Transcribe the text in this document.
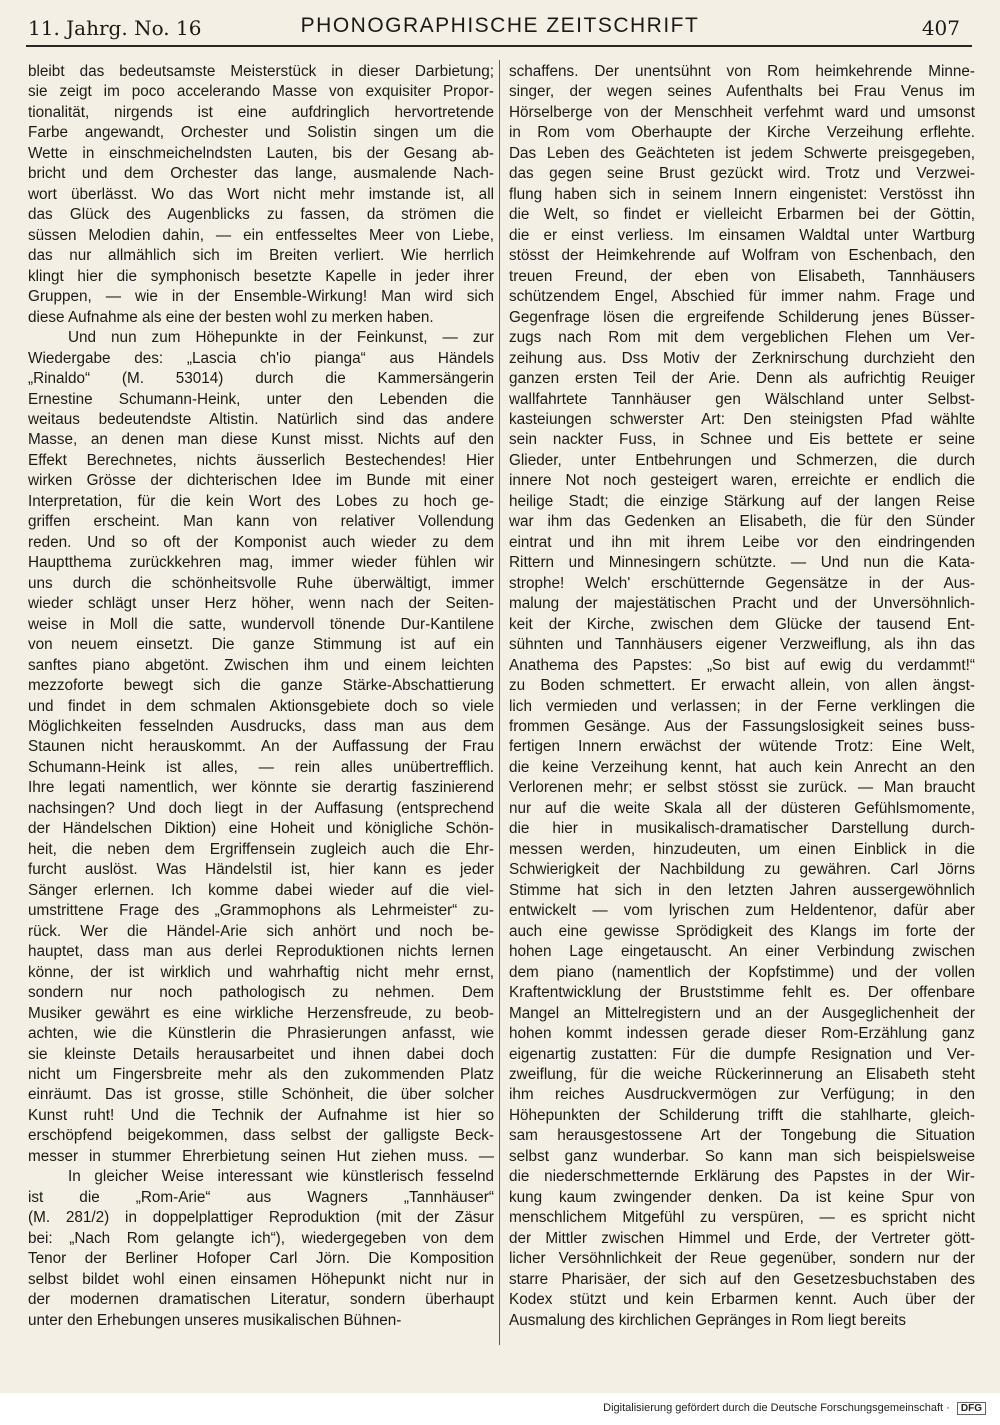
11. Jahrg. No. 16	PHONOGRAPHISCHE ZEITSCHRIFT	407
bleibt das bedeutsamste Meisterstück in dieser Darbietung;
sie zeigt im poco accelerando Masse von exquisiter Propor-
tionalität, nirgends ist eine aufdringlich hervortretende
Farbe angewandt, Orchester und Solistin singen um die
Wette in einschmeichelndsten Lauten, bis der Gesang ab-
bricht und dem Orchester das lange, ausmalende Nach-
wort überlässt. Wo das Wort nicht mehr imstande ist, all
das Glück des Augenblicks zu fassen, da strömen die
süssen Melodien dahin, — ein entfesseltes Meer von Liebe,
das nur allmählich sich im Breiten verliert. Wie herrlich
klingt hier die symphonisch besetzte Kapelle in jeder ihrer
Gruppen, — wie in der Ensemble-Wirkung! Man wird sich
diese Aufnahme als eine der besten wohl zu merken haben.
Und nun zum Höhepunkte in der Feinkunst, — zur
Wiedergabe des: „Lascia ch'io pianga“ aus Händels
„Rinaldo“ (M. 53014) durch die Kammersängerin
Ernestine Schumann-Heink, unter den Lebenden die
weitaus bedeutendste Altistin. Natürlich sind das andere
Masse, an denen man diese Kunst misst. Nichts auf den
Effekt Berechnetes, nichts äusserlich Bestechendes! Hier
wirken Grösse der dichterischen Idee im Bunde mit einer
Interpretation, für die kein Wort des Lobes zu hoch ge-
griffen erscheint. Man kann von relativer Vollendung
reden. Und so oft der Komponist auch wieder zu dem
Hauptthema zurückkehren mag, immer wieder fühlen wir
uns durch die schönheitsvolle Ruhe überwältigt, immer
wieder schlägt unser Herz höher, wenn nach der Seiten-
weise in Moll die satte, wundervoll tönende Dur-Kantilene
von neuem einsetzt. Die ganze Stimmung ist auf ein
sanftes piano abgetönt. Zwischen ihm und einem leichten
mezzoforte bewegt sich die ganze Stärke-Abschattierung
und findet in dem schmalen Aktionsgebiete doch so viele
Möglichkeiten fesselnden Ausdrucks, dass man aus dem
Staunen nicht herauskommt. An der Auffassung der Frau
Schumann-Heink ist alles, — rein alles unübertrefflich.
Ihre legati namentlich, wer könnte sie derartig faszinierend
nachsingen? Und doch liegt in der Auffasung (entsprechend
der Händelschen Diktion) eine Hoheit und königliche Schön-
heit, die neben dem Ergriffensein zugleich auch die Ehr-
furcht auslöst. Was Händelstil ist, hier kann es jeder
Sänger erlernen. Ich komme dabei wieder auf die viel-
umstrittene Frage des „Grammophons als Lehrmeister“ zu-
rück. Wer die Händel-Arie sich anhört und noch be-
hauptet, dass man aus derlei Reproduktionen nichts lernen
könne, der ist wirklich und wahrhaftig nicht mehr ernst,
sondern nur noch pathologisch zu nehmen. Dem
Musiker gewährt es eine wirkliche Herzensfreude, zu beob-
achten, wie die Künstlerin die Phrasierungen anfasst, wie
sie kleinste Details herausarbeitet und ihnen dabei doch
nicht um Fingersbreite mehr als den zukommenden Platz
einräumt. Das ist grosse, stille Schönheit, die über solcher
Kunst ruht! Und die Technik der Aufnahme ist hier so
erschöpfend beigekommen, dass selbst der galligste Beck-
messer in stummer Ehrerbietung seinen Hut ziehen muss. —
In gleicher Weise interessant wie künstlerisch fesselnd
ist die „Rom-Arie“ aus Wagners „Tannhäuser“
(M. 281/2) in doppelplattiger Reproduktion (mit der Zäsur
bei: „Nach Rom gelangte ich“), wiedergegeben von dem
Tenor der Berliner Hofoper Carl Jörn. Die Komposition
selbst bildet wohl einen einsamen Höhepunkt nicht nur in
der modernen dramatischen Literatur, sondern überhaupt
unter den Erhebungen unseres musikalischen Bühnen-
schaffens. Der unentsühnt von Rom heimkehrende Minne-
singer, der wegen seines Aufenthalts bei Frau Venus im
Hörselberge von der Menschheit verfehmt ward und umsonst
in Rom vom Oberhaupte der Kirche Verzeihung erflehte.
Das Leben des Geächteten ist jedem Schwerte preisgegeben,
das gegen seine Brust gezückt wird. Trotz und Verzwei-
flung haben sich in seinem Innern eingenistet: Verstösst ihn
die Welt, so findet er vielleicht Erbarmen bei der Göttin,
die er einst verliess. Im einsamen Waldtal unter Wartburg
stösst der Heimkehrende auf Wolfram von Eschenbach, den
treuen Freund, der eben von Elisabeth, Tannhäusers
schützendem Engel, Abschied für immer nahm. Frage und
Gegenfrage lösen die ergreifende Schilderung jenes Büsser-
zugs nach Rom mit dem vergeblichen Flehen um Ver-
zeihung aus. Dss Motiv der Zerknirschung durchzieht den
ganzen ersten Teil der Arie. Denn als aufrichtig Reuiger
wallfahrtete Tannhäuser gen Wälschland unter Selbst-
kasteiungen schwerster Art: Den steinigsten Pfad wählte
sein nackter Fuss, in Schnee und Eis bettete er seine
Glieder, unter Entbehrungen und Schmerzen, die durch
innere Not noch gesteigert waren, erreichte er endlich die
heilige Stadt; die einzige Stärkung auf der langen Reise
war ihm das Gedenken an Elisabeth, die für den Sünder
eintrat und ihn mit ihrem Leibe vor den eindringenden
Rittern und Minnesingern schützte. — Und nun die Kata-
strophe! Welch' erschütternde Gegensätze in der Aus-
malung der majestätischen Pracht und der Unversöhnlich-
keit der Kirche, zwischen dem Glücke der tausend Ent-
sühnten und Tannhäusers eigener Verzweiflung, als ihn das
Anathema des Papstes: „So bist auf ewig du verdammt!“
zu Boden schmettert. Er erwacht allein, von allen ängst-
lich vermieden und verlassen; in der Ferne verklingen die
frommen Gesänge. Aus der Fassungslosigkeit seines buss-
fertigen Innern erwächst der wütende Trotz: Eine Welt,
die keine Verzeihung kennt, hat auch kein Anrecht an den
Verlorenen mehr; er selbst stösst sie zurück. — Man braucht
nur auf die weite Skala all der düsteren Gefühlsmomente,
die hier in musikalisch-dramatischer Darstellung durch-
messen werden, hinzudeuten, um einen Einblick in die
Schwierigkeit der Nachbildung zu gewähren. Carl Jörns
Stimme hat sich in den letzten Jahren aussergewöhnlich
entwickelt — vom lyrischen zum Heldentenor, dafür aber
auch eine gewisse Sprödigkeit des Klangs im forte der
hohen Lage eingetauscht. An einer Verbindung zwischen
dem piano (namentlich der Kopfstimme) und der vollen
Kraftentwicklung der Bruststimme fehlt es. Der offenbare
Mangel an Mittelregistern und an der Ausgeglichenheit der
hohen kommt indessen gerade dieser Rom-Erzählung ganz
eigenartig zustatten: Für die dumpfe Resignation und Ver-
zweiflung, für die weiche Rückerinnerung an Elisabeth steht
ihm reiches Ausdruckvermögen zur Verfügung; in den
Höhepunkten der Schilderung trifft die stahlharte, gleich-
sam herausgestossene Art der Tongebung die Situation
selbst ganz wunderbar. So kann man sich beispielsweise
die niederschmetternde Erklärung des Papstes in der Wir-
kung kaum zwingender denken. Da ist keine Spur von
menschlichem Mitgefühl zu verspüren, — es spricht nicht
der Mittler zwischen Himmel und Erde, der Vertreter gött-
licher Versöhnlichkeit der Reue gegenüber, sondern nur der
starre Pharisäer, der sich auf den Gesetzesbuchstaben des
Kodex stützt und kein Erbarmen kennt. Auch über der
Ausmalung des kirchlichen Gepränges in Rom liegt bereits
Digitalisierung gefördert durch die Deutsche Forschungsgemeinschaft · DFG
